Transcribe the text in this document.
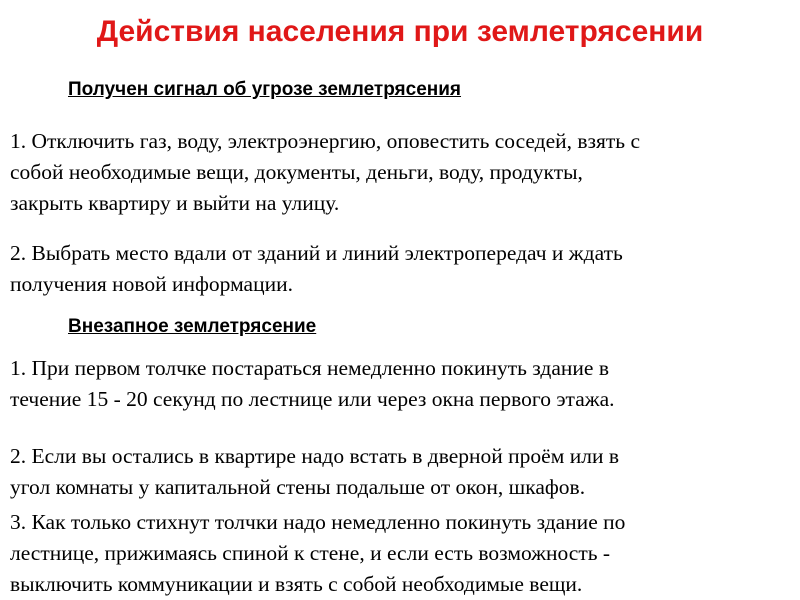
Действия населения при землетрясении
Получен сигнал об угрозе землетрясения
1. Отключить газ, воду, электроэнергию, оповестить соседей, взять с
собой необходимые вещи, документы, деньги, воду, продукты,
закрыть квартиру и выйти на улицу.
2. Выбрать место вдали от зданий и линий электропередач и ждать
получения новой информации.
Внезапное землетрясение
1. При первом толчке постараться немедленно покинуть здание в
течение 15 - 20 секунд по лестнице или через окна первого этажа.
2. Если вы остались в квартире надо встать в дверной проём или в
угол комнаты у капитальной стены подальше от окон, шкафов.
3. Как только стихнут толчки надо немедленно покинуть здание по
лестнице, прижимаясь спиной к стене, и если есть возможность -
выключить коммуникации и взять с собой необходимые вещи.
